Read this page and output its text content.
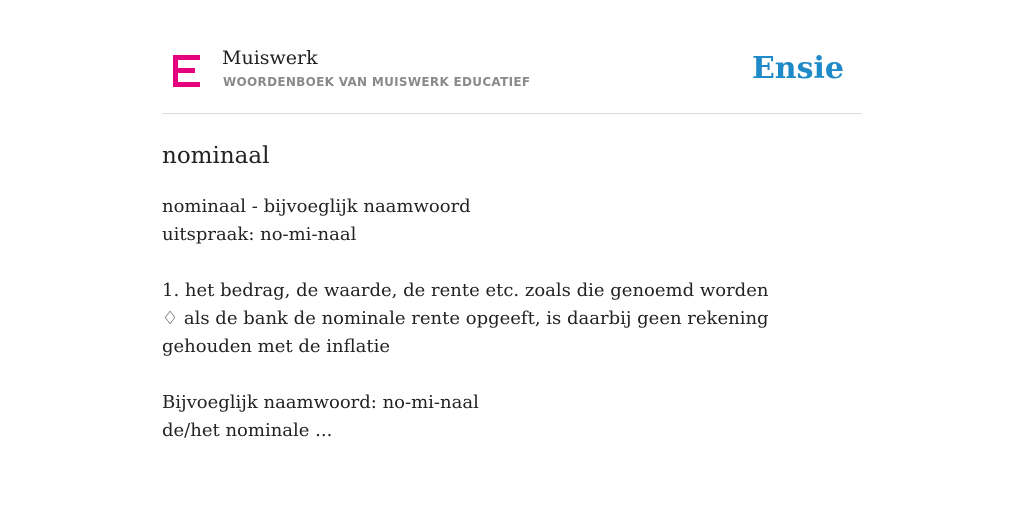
Muiswerk
WOORDENBOEK VAN MUISWERK EDUCATIEF	Ensie
nominaal
nominaal - bijvoeglijk naamwoord
uitspraak: no-mi-naal
1. het bedrag, de waarde, de rente etc. zoals die genoemd worden
♢ als de bank de nominale rente opgeeft, is daarbij geen rekening gehouden met de inflatie
Bijvoeglijk naamwoord: no-mi-naal
de/het nominale ...
